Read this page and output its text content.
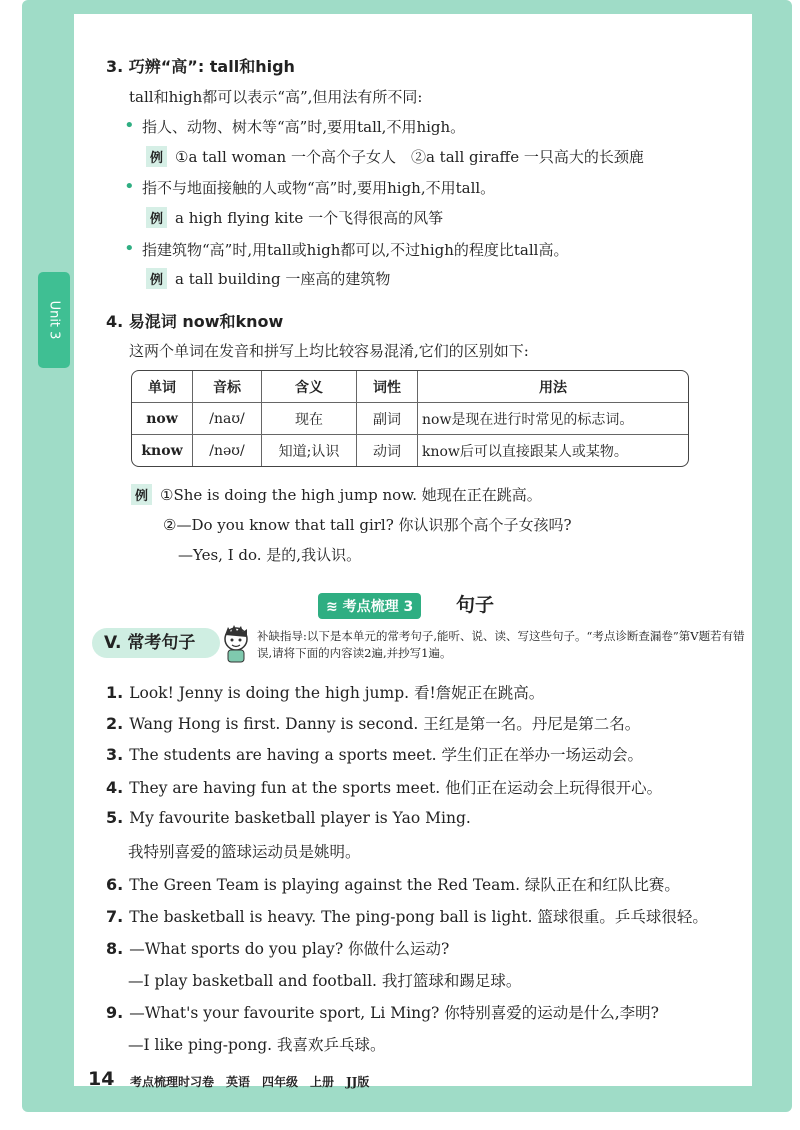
Unit 3
3. 巧辨“高”: tall和high
tall和high都可以表示“高”,但用法有所不同:
• 指人、动物、树木等“高”时,要用tall,不用high。
例 ①a tall woman 一个高个子女人　②a tall giraffe 一只高大的长颈鹿
• 指不与地面接触的人或物“高”时,要用high,不用tall。
例 a high flying kite 一个飞得很高的风筝
• 指建筑物“高”时,用tall或high都可以,不过high的程度比tall高。
例 a tall building 一座高的建筑物
4. 易混词 now和know
这两个单词在发音和拼写上均比较容易混淆,它们的区别如下:
单词	音标	含义	词性	用法
now	/naʊ/	现在	副词	now是现在进行时常见的标志词。
know	/nəʊ/	知道;认识	动词	know后可以直接跟某人或某物。
例 ①She is doing the high jump now. 她现在正在跳高。
②—Do you know that tall girl? 你认识那个高个子女孩吗?
—Yes, I do. 是的,我认识。
≋ 考点梳理 3	句子
V. 常考句子	补缺指导:以下是本单元的常考句子,能听、说、读、写这些句子。“考点诊断查漏卷”第V题若有错误,请将下面的内容读2遍,并抄写1遍。
1. Look! Jenny is doing the high jump. 看!詹妮正在跳高。
2. Wang Hong is first. Danny is second. 王红是第一名。丹尼是第二名。
3. The students are having a sports meet. 学生们正在举办一场运动会。
4. They are having fun at the sports meet. 他们正在运动会上玩得很开心。
5. My favourite basketball player is Yao Ming.
我特别喜爱的篮球运动员是姚明。
6. The Green Team is playing against the Red Team. 绿队正在和红队比赛。
7. The basketball is heavy. The ping-pong ball is light. 篮球很重。乒乓球很轻。
8. —What sports do you play? 你做什么运动?
—I play basketball and football. 我打篮球和踢足球。
9. —What's your favourite sport, Li Ming? 你特别喜爱的运动是什么,李明?
—I like ping-pong. 我喜欢乒乓球。
14 考点梳理时习卷　英语　四年级　上册　JJ版
